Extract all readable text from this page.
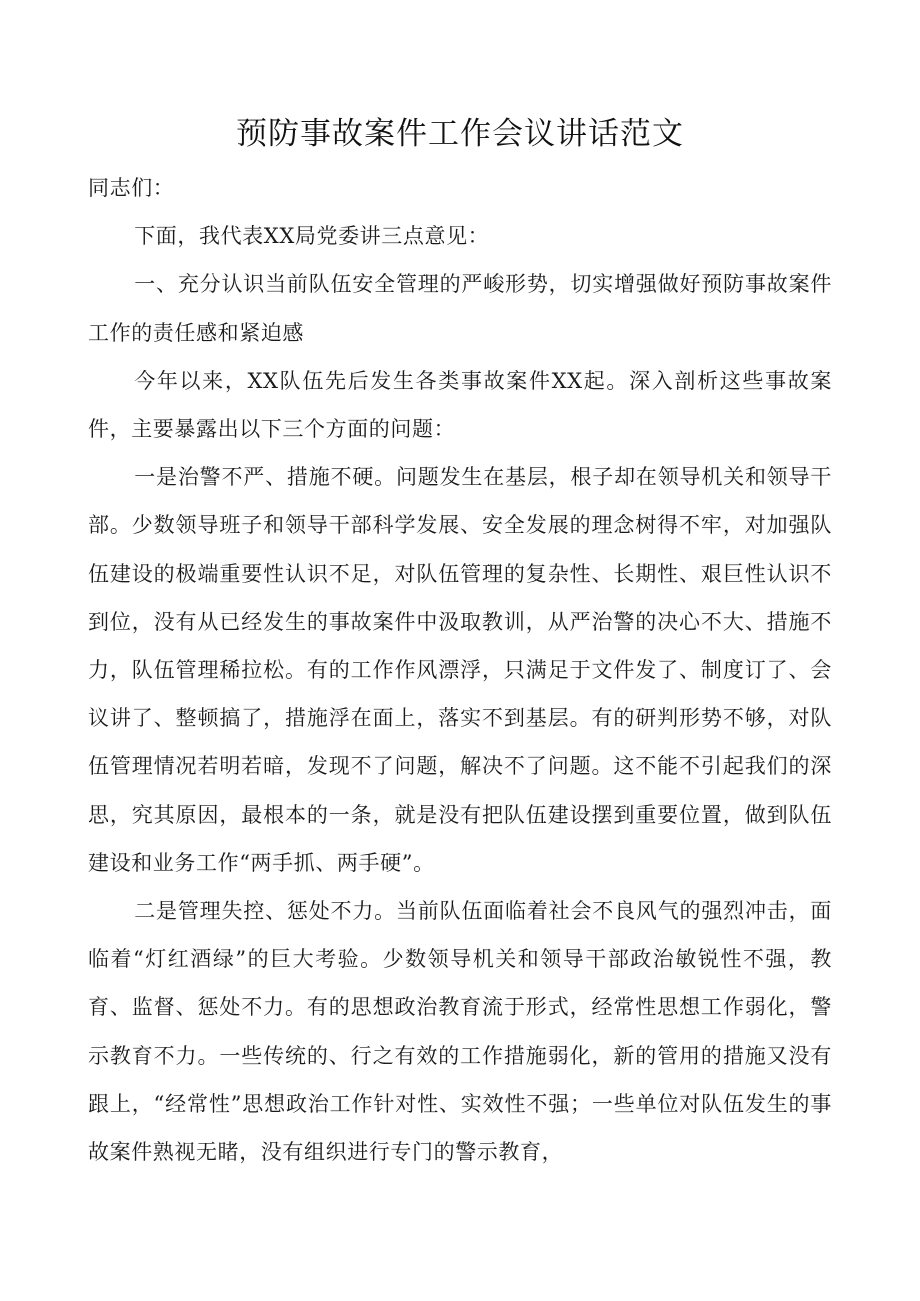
预防事故案件工作会议讲话范文

同志们：

下面，我代表XX局党委讲三点意见：

一、充分认识当前队伍安全管理的严峻形势，切实增强做好预防事故案件工作的责任感和紧迫感

今年以来，XX队伍先后发生各类事故案件XX起。深入剖析这些事故案件，主要暴露出以下三个方面的问题：

一是治警不严、措施不硬。问题发生在基层，根子却在领导机关和领导干部。少数领导班子和领导干部科学发展、安全发展的理念树得不牢，对加强队伍建设的极端重要性认识不足，对队伍管理的复杂性、长期性、艰巨性认识不到位，没有从已经发生的事故案件中汲取教训，从严治警的决心不大、措施不力，队伍管理稀拉松。有的工作作风漂浮，只满足于文件发了、制度订了、会议讲了、整顿搞了，措施浮在面上，落实不到基层。有的研判形势不够，对队伍管理情况若明若暗，发现不了问题，解决不了问题。这不能不引起我们的深思，究其原因，最根本的一条，就是没有把队伍建设摆到重要位置，做到队伍建设和业务工作“两手抓、两手硬”。

二是管理失控、惩处不力。当前队伍面临着社会不良风气的强烈冲击，面临着“灯红酒绿”的巨大考验。少数领导机关和领导干部政治敏锐性不强，教育、监督、惩处不力。有的思想政治教育流于形式，经常性思想工作弱化，警示教育不力。一些传统的、行之有效的工作措施弱化，新的管用的措施又没有跟上，“经常性”思想政治工作针对性、实效性不强；一些单位对队伍发生的事故案件熟视无睹，没有组织进行专门的警示教育，
